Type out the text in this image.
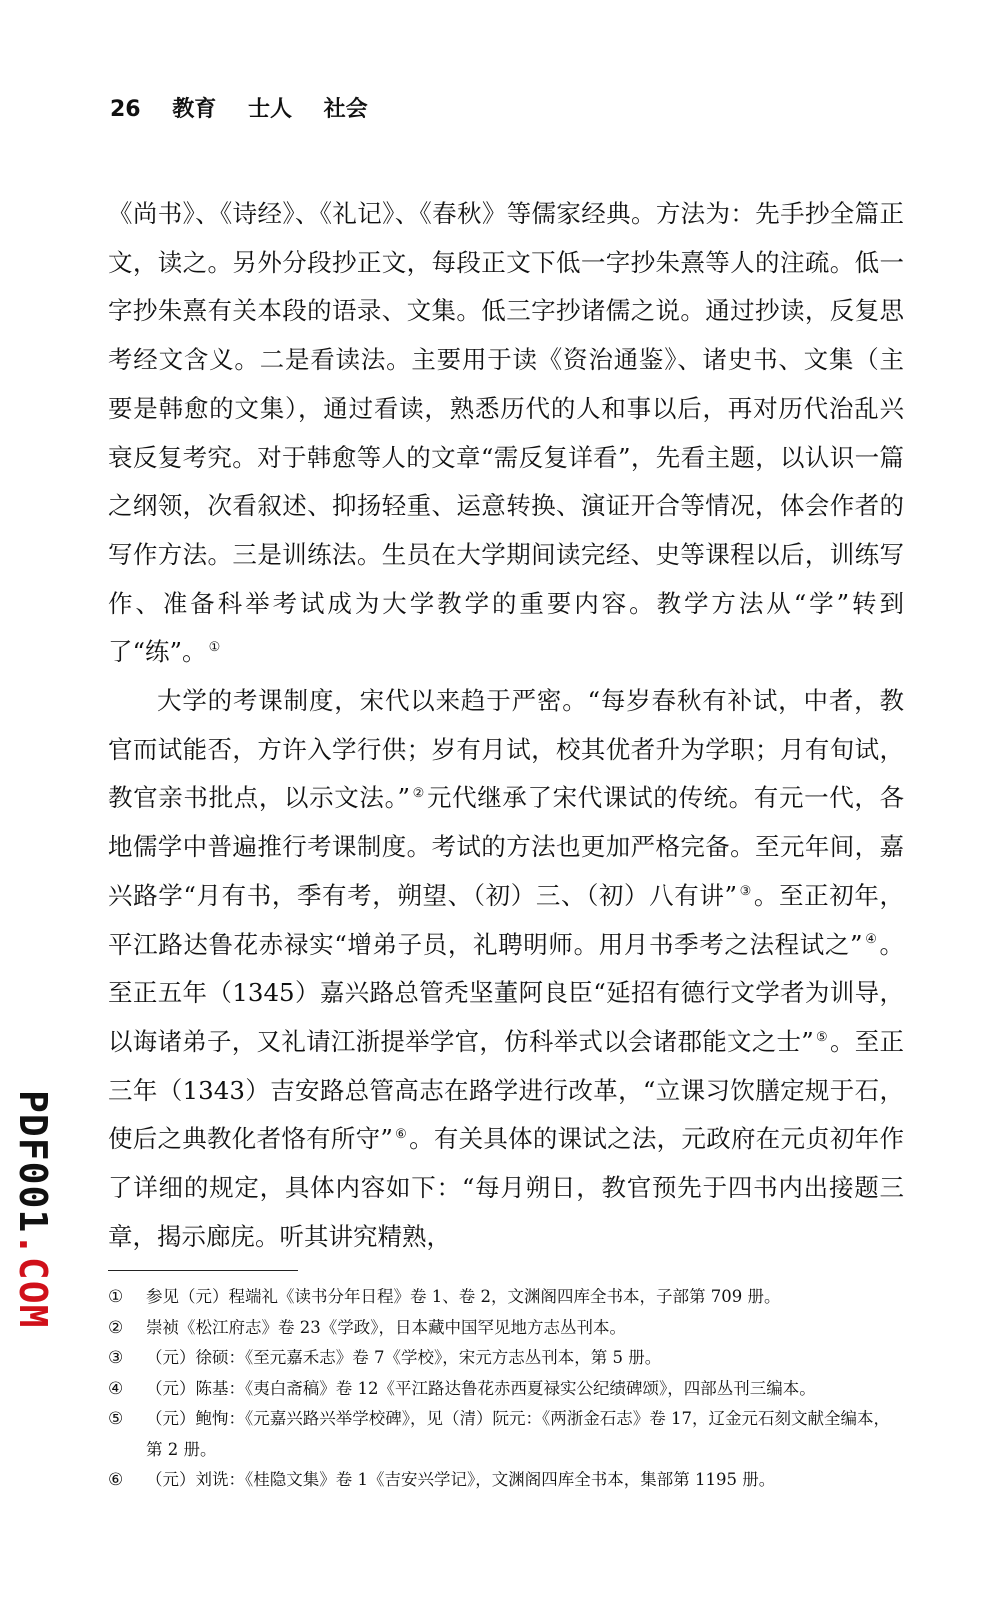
26 教育 士人 社会

《尚书》、《诗经》、《礼记》、《春秋》等儒家经典。方法为：先手抄全篇正文，读之。另外分段抄正文，每段正文下低一字抄朱熹等人的注疏。低一字抄朱熹有关本段的语录、文集。低三字抄诸儒之说。通过抄读，反复思考经文含义。二是看读法。主要用于读《资治通鉴》、诸史书、文集（主要是韩愈的文集），通过看读，熟悉历代的人和事以后，再对历代治乱兴衰反复考究。对于韩愈等人的文章“需反复详看”，先看主题，以认识一篇之纲领，次看叙述、抑扬轻重、运意转换、演证开合等情况，体会作者的写作方法。三是训练法。生员在大学期间读完经、史等课程以后，训练写作、准备科举考试成为大学教学的重要内容。教学方法从“学”转到了“练”。 ①

大学的考课制度，宋代以来趋于严密。“每岁春秋有补试，中者，教官而试能否，方许入学行供；岁有月试，校其优者升为学职；月有旬试，教官亲书批点，以示文法。” ②元代继承了宋代课试的传统。有元一代，各地儒学中普遍推行考课制度。考试的方法也更加严格完备。至元年间，嘉兴路学“月有书，季有考，朔望、（初）三、（初）八有讲” ③。至正初年，平江路达鲁花赤禄实“增弟子员，礼聘明师。用月书季考之法程试之” ④。至正五年（1345）嘉兴路总管秃坚董阿良臣“延招有德行文学者为训导，以诲诸弟子，又礼请江浙提举学官，仿科举式以会诸郡能文之士” ⑤。至正三年（1343）吉安路总管高志在路学进行改革，“立课习饮膳定规于石，使后之典教化者恪有所守” ⑥。有关具体的课试之法，元政府在元贞初年作了详细的规定，具体内容如下：“每月朔日，教官预先于四书内出接题三章，揭示廊庑。听其讲究精熟，

①	参见（元）程端礼《读书分年日程》卷 1、卷 2，文渊阁四库全书本，子部第 709 册。
②	崇祯《松江府志》卷 23《学政》，日本藏中国罕见地方志丛刊本。
③	（元）徐硕：《至元嘉禾志》卷 7《学校》，宋元方志丛刊本，第 5 册。
④	（元）陈基：《夷白斋稿》卷 12《平江路达鲁花赤西夏禄实公纪绩碑颂》，四部丛刊三编本。
⑤	（元）鲍恂：《元嘉兴路兴举学校碑》，见（清）阮元：《两浙金石志》卷 17，辽金元石刻文献全编本，第 2 册。
⑥	（元）刘诜：《桂隐文集》卷 1《吉安兴学记》，文渊阁四库全书本，集部第 1195 册。
PDF001
.COM
